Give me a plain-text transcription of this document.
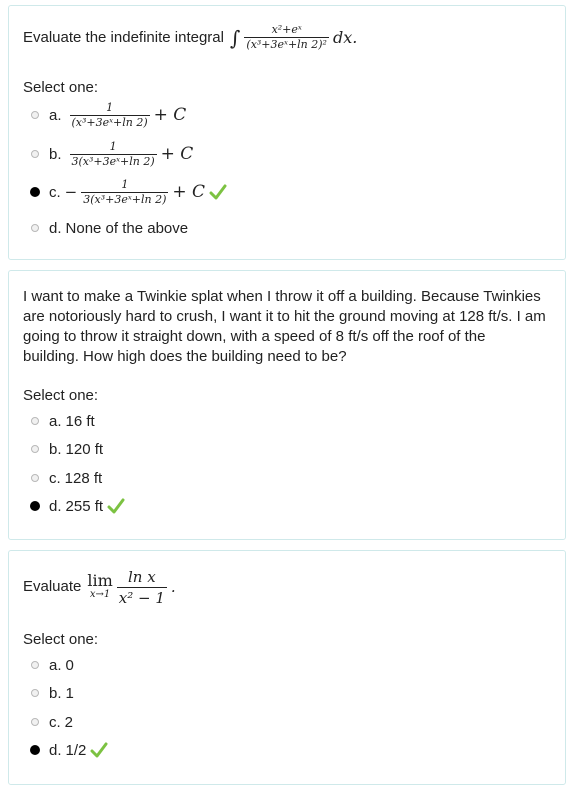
Evaluate the indefinite integral ∫ $\frac{\text{x²+eˣ}}{\text{(x³+3eˣ+ln 2)²}}$ dx.
Select one:
a. $\frac{1}{\text{(x³+3eˣ+ln 2)}} + C$
b. $\frac{1}{\text{3(x³+3eˣ+ln 2)}} + C$
c. − $\frac{1}{\text{3(x³+3eˣ+ln 2)}} + C$
d. None of the above
I want to make a Twinkie splat when I throw it off a building. Because Twinkies
are notoriously hard to crush, I want it to hit the ground moving at 128 ft/s. I am
going to throw it straight down, with a speed of 8 ft/s off the roof of the
building. How high does the building need to be?
Select one:
a. 16 ft
b. 120 ft
c. 128 ft
d. 255 ft
Evaluate lim
$x\to 1 \frac{\text{ln x}}{\text{x² − 1}}$ .
Select one:
a. 0
b. 1
c. 2
d. 1/2
